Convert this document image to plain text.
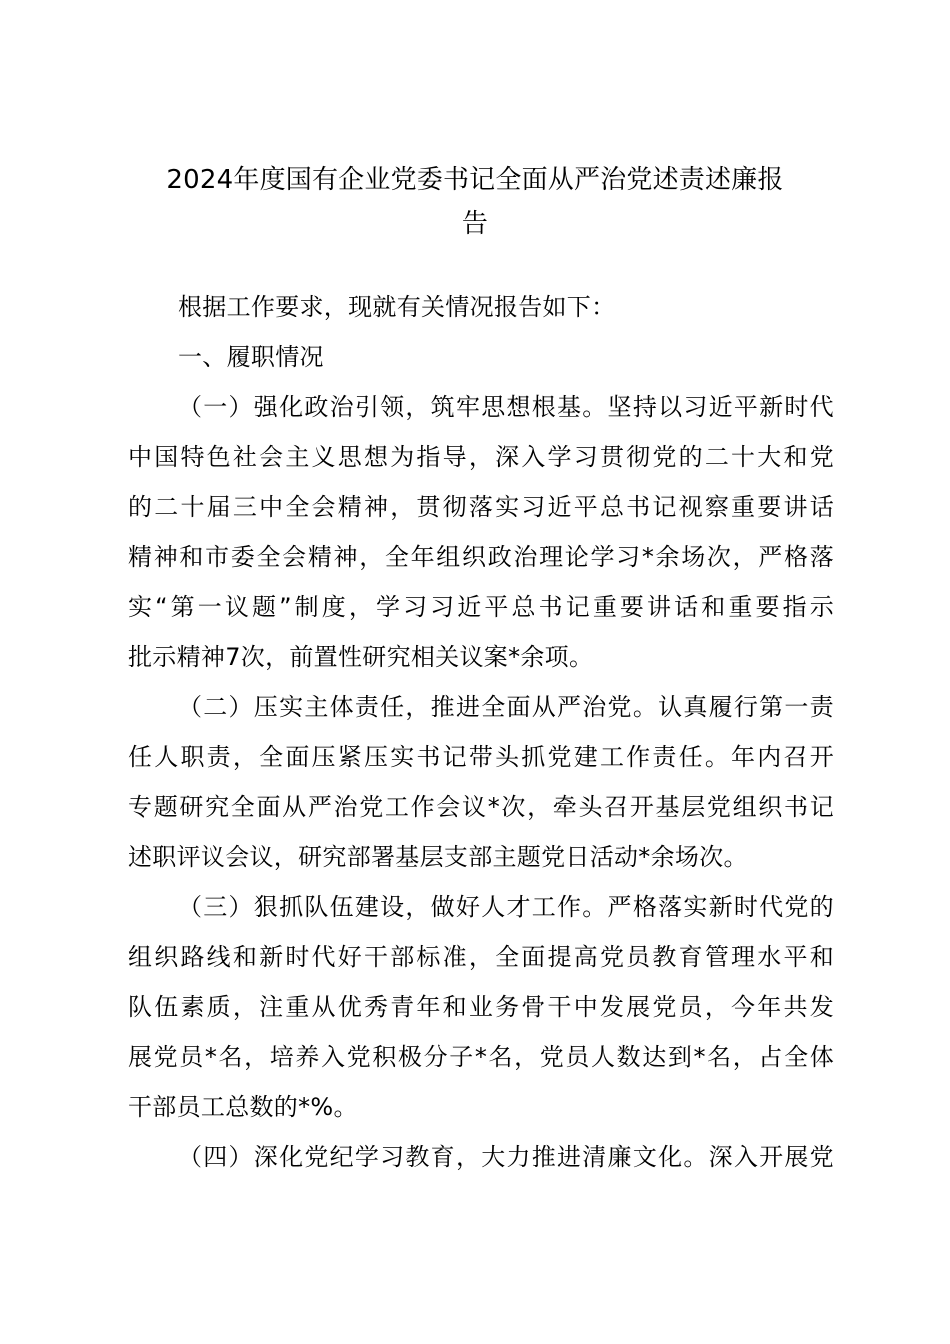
2024年度国有企业党委书记全面从严治党述责述廉报
告

根据工作要求，现就有关情况报告如下：

一、履职情况

（一）强化政治引领，筑牢思想根基。坚持以习近平新时代
中国特色社会主义思想为指导，深入学习贯彻党的二十大和党
的二十届三中全会精神，贯彻落实习近平总书记视察重要讲话
精神和市委全会精神，全年组织政治理论学习*余场次，严格落
实“第一议题”制度，学习习近平总书记重要讲话和重要指示
批示精神7次，前置性研究相关议案*余项。
（二）压实主体责任，推进全面从严治党。认真履行第一责
任人职责，全面压紧压实书记带头抓党建工作责任。年内召开
专题研究全面从严治党工作会议*次，牵头召开基层党组织书记
述职评议会议，研究部署基层支部主题党日活动*余场次。
（三）狠抓队伍建设，做好人才工作。严格落实新时代党的
组织路线和新时代好干部标准，全面提高党员教育管理水平和
队伍素质，注重从优秀青年和业务骨干中发展党员，今年共发
展党员*名，培养入党积极分子*名，党员人数达到*名，占全体
干部员工总数的*%。
（四）深化党纪学习教育，大力推进清廉文化。深入开展党
